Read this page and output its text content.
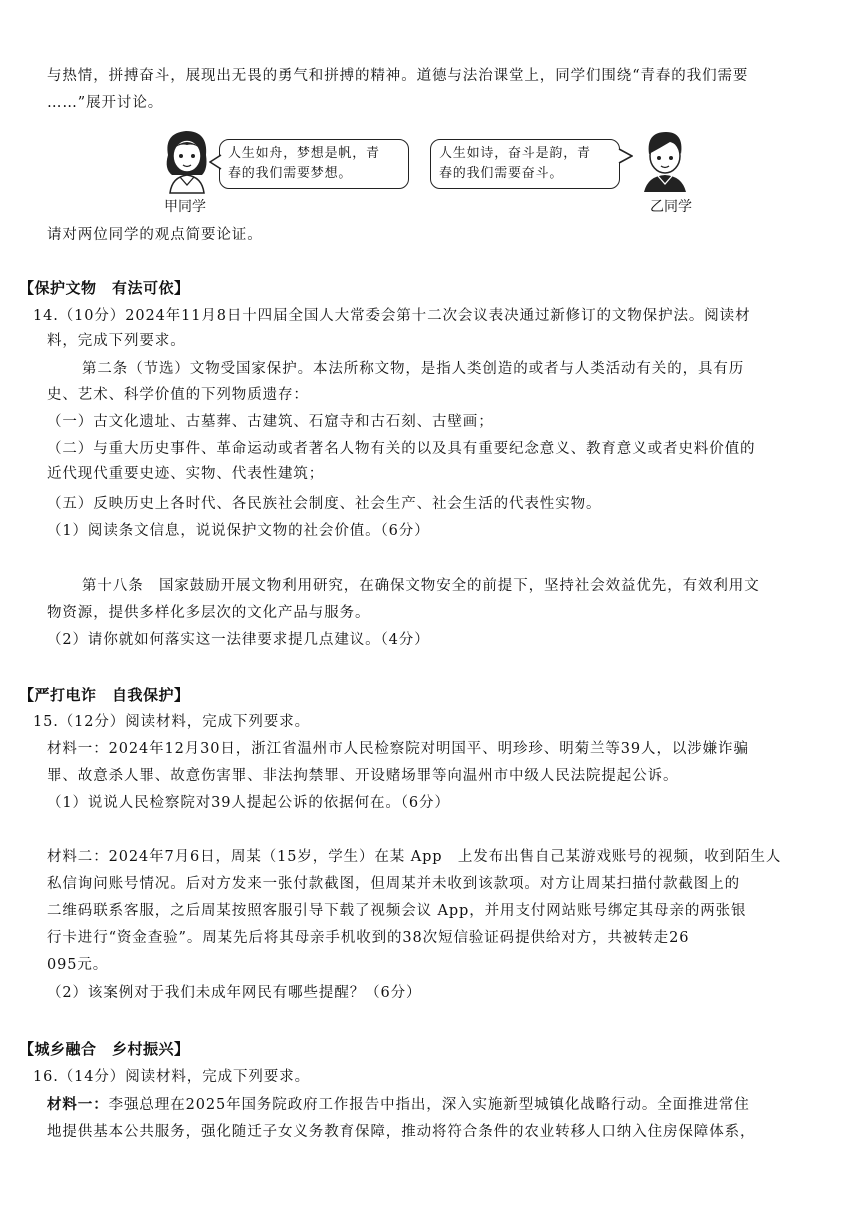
与热情，拼搏奋斗，展现出无畏的勇气和拼搏的精神。道德与法治课堂上，同学们围绕“青春的我们需要
……”展开讨论。
甲同学
人生如舟，梦想是帆，青
春的我们需要梦想。
人生如诗，奋斗是韵，青
春的我们需要奋斗。
乙同学
请对两位同学的观点简要论证。
【保护文物　有法可依】
14.（10分）2024年11月8日十四届全国人大常委会第十二次会议表决通过新修订的文物保护法。阅读材
料，完成下列要求。
第二条（节选）文物受国家保护。本法所称文物，是指人类创造的或者与人类活动有关的，具有历
史、艺术、科学价值的下列物质遗存：
（一）古文化遗址、古墓葬、古建筑、石窟寺和古石刻、古壁画；
（二）与重大历史事件、革命运动或者著名人物有关的以及具有重要纪念意义、教育意义或者史料价值的
近代现代重要史迹、实物、代表性建筑；
（五）反映历史上各时代、各民族社会制度、社会生产、社会生活的代表性实物。
（1）阅读条文信息，说说保护文物的社会价值。（6分）
第十八条　国家鼓励开展文物利用研究，在确保文物安全的前提下，坚持社会效益优先，有效利用文
物资源，提供多样化多层次的文化产品与服务。
（2）请你就如何落实这一法律要求提几点建议。（4分）
【严打电诈　自我保护】
15.（12分）阅读材料，完成下列要求。
材料一：2024年12月30日，浙江省温州市人民检察院对明国平、明珍珍、明菊兰等39人，以涉嫌诈骗
罪、故意杀人罪、故意伤害罪、非法拘禁罪、开设赌场罪等向温州市中级人民法院提起公诉。
（1）说说人民检察院对39人提起公诉的依据何在。（6分）
材料二：2024年7月6日，周某（15岁，学生）在某 App　上发布出售自己某游戏账号的视频，收到陌生人
私信询问账号情况。后对方发来一张付款截图，但周某并未收到该款项。对方让周某扫描付款截图上的
二维码联系客服，之后周某按照客服引导下载了视频会议 App，并用支付网站账号绑定其母亲的两张银
行卡进行“资金查验”。周某先后将其母亲手机收到的38次短信验证码提供给对方，共被转走26
095元。
（2）该案例对于我们未成年网民有哪些提醒？（6分）
【城乡融合　乡村振兴】
16.（14分）阅读材料，完成下列要求。
材料一：李强总理在2025年国务院政府工作报告中指出，深入实施新型城镇化战略行动。全面推进常住
地提供基本公共服务，强化随迁子女义务教育保障，推动将符合条件的农业转移人口纳入住房保障体系，
